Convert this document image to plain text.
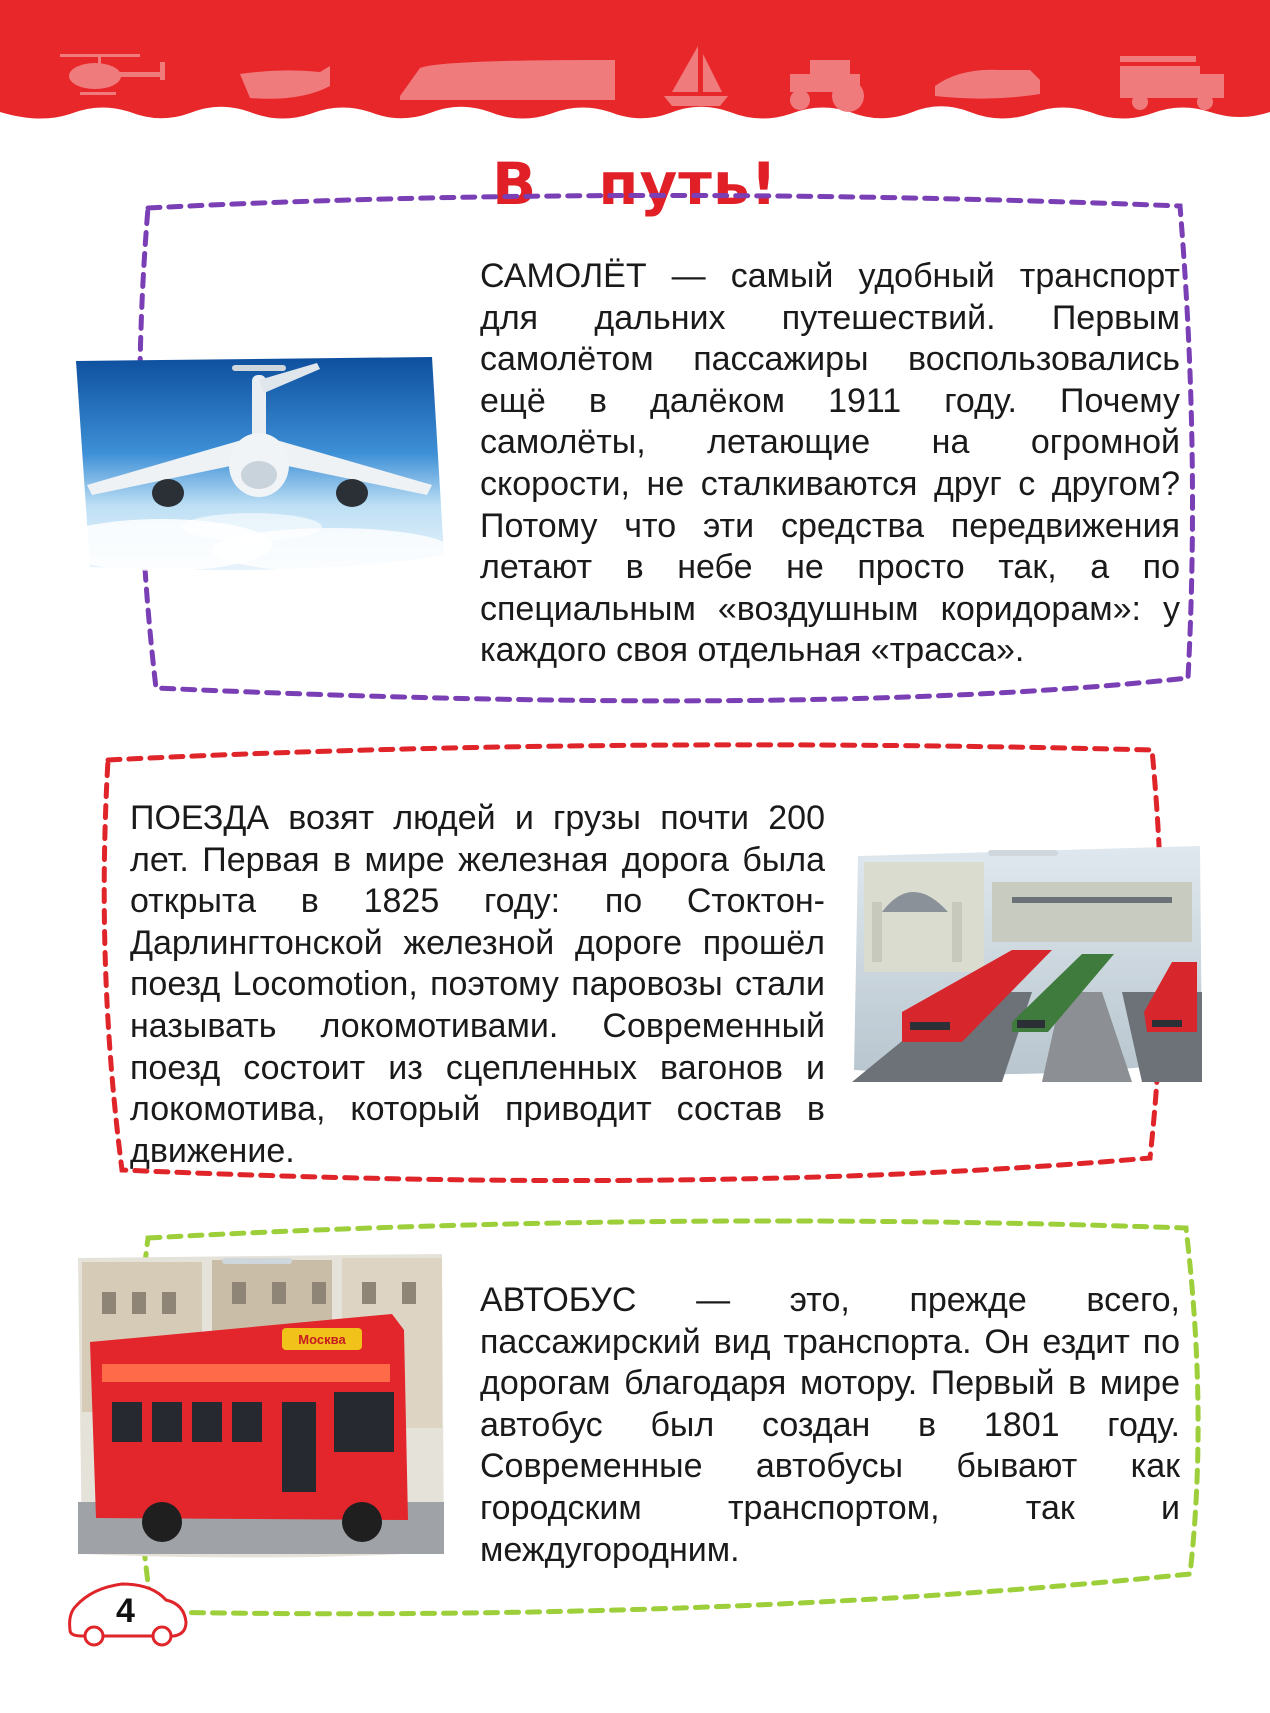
В путь!
САМОЛЁТ — самый удобный транспорт для дальних путешествий. Первым самолётом пассажиры воспользовались ещё в далёком 1911 году. Почему самолёты, летающие на огромной скорости, не сталкиваются друг с другом? Потому что эти средства передвижения летают в небе не просто так, а по специальным «воздушным коридорам»: у каждого своя отдельная «трасса».
ПОЕЗДА возят людей и грузы почти 200 лет. Первая в мире железная дорога была открыта в 1825 году: по Стоктон-Дарлингтонской железной дороге прошёл поезд Locomotion, поэтому паровозы стали называть локомотивами. Современный поезд состоит из сцепленных вагонов и локомотива, который приводит состав в движение.
Москва
АВТОБУС — это, прежде всего, пассажирский вид транспорта. Он ездит по дорогам благодаря мотору. Первый в мире автобус был создан в 1801 году. Современные автобусы бывают как городским транспортом, так и междугородним.
4
